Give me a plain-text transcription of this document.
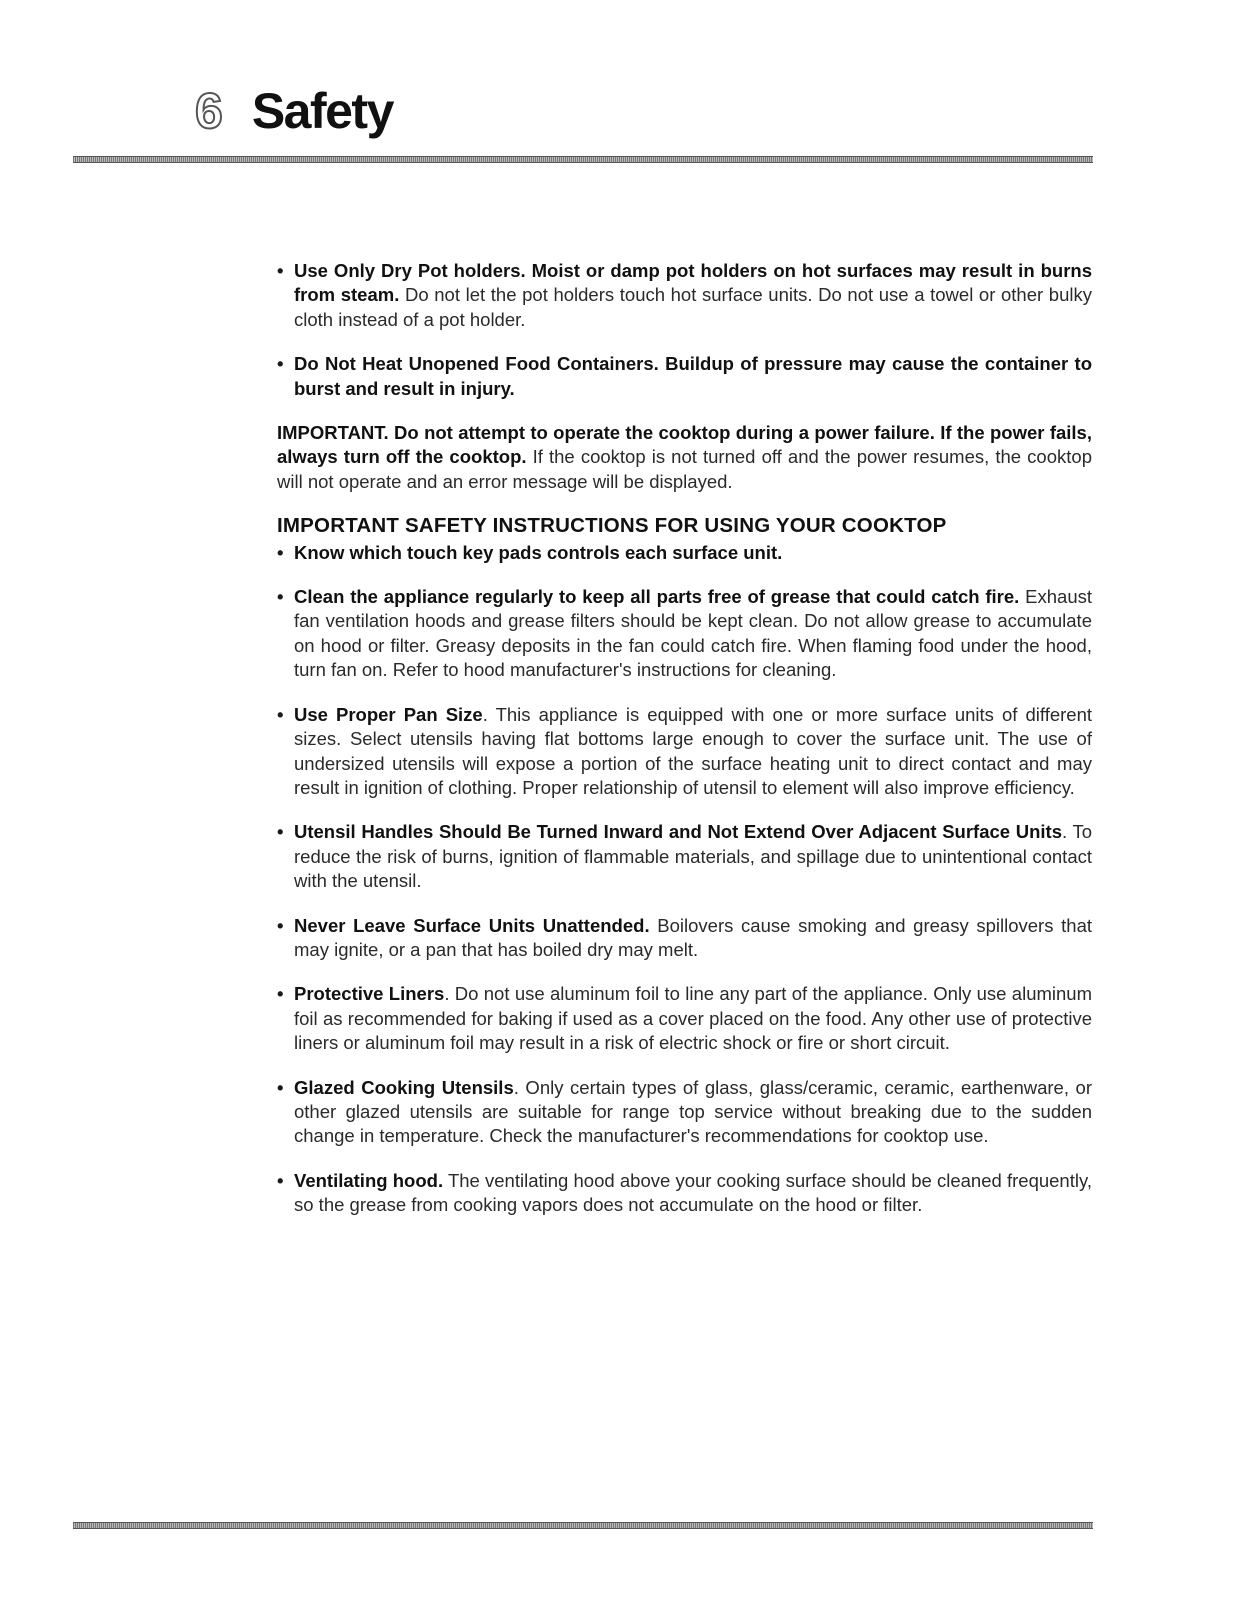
6 Safety
• Use Only Dry Pot holders. Moist or damp pot holders on hot surfaces may result in burns from steam. Do not let the pot holders touch hot surface units. Do not use a towel or other bulky cloth instead of a pot holder.
• Do Not Heat Unopened Food Containers. Buildup of pressure may cause the container to burst and result in injury.
IMPORTANT. Do not attempt to operate the cooktop during a power failure. If the power fails, always turn off the cooktop. If the cooktop is not turned off and the power resumes, the cooktop will not operate and an error message will be displayed.
IMPORTANT SAFETY INSTRUCTIONS FOR USING YOUR COOKTOP
• Know which touch key pads controls each surface unit.
• Clean the appliance regularly to keep all parts free of grease that could catch fire. Exhaust fan ventilation hoods and grease filters should be kept clean. Do not allow grease to accumulate on hood or filter. Greasy deposits in the fan could catch fire. When flaming food under the hood, turn fan on. Refer to hood manufacturer's instructions for cleaning.
• Use Proper Pan Size. This appliance is equipped with one or more surface units of different sizes. Select utensils having flat bottoms large enough to cover the surface unit. The use of undersized utensils will expose a portion of the surface heating unit to direct contact and may result in ignition of clothing. Proper relationship of utensil to element will also improve efficiency.
• Utensil Handles Should Be Turned Inward and Not Extend Over Adjacent Surface Units. To reduce the risk of burns, ignition of flammable materials, and spillage due to unintentional contact with the utensil.
• Never Leave Surface Units Unattended. Boilovers cause smoking and greasy spillovers that may ignite, or a pan that has boiled dry may melt.
• Protective Liners. Do not use aluminum foil to line any part of the appliance. Only use aluminum foil as recommended for baking if used as a cover placed on the food. Any other use of protective liners or aluminum foil may result in a risk of electric shock or fire or short circuit.
• Glazed Cooking Utensils. Only certain types of glass, glass/ceramic, ceramic, earthenware, or other glazed utensils are suitable for range top service without breaking due to the sudden change in temperature. Check the manufacturer's recommendations for cooktop use.
• Ventilating hood. The ventilating hood above your cooking surface should be cleaned frequently, so the grease from cooking vapors does not accumulate on the hood or filter.
